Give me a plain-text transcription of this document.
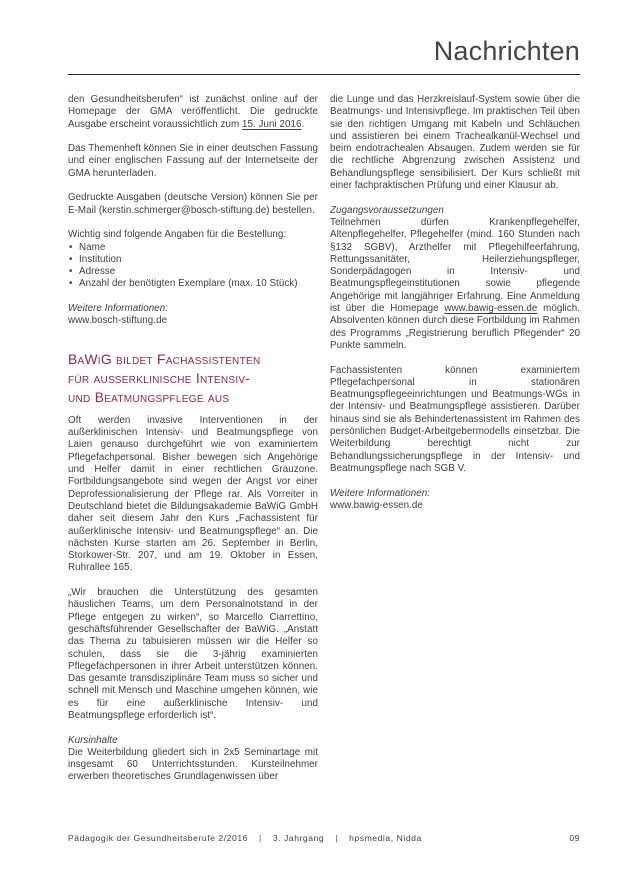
Nachrichten

den Gesundheitsberufen“ ist zunächst online auf der Homepage der GMA veröffentlicht. Die gedruckte Ausgabe erscheint voraussichtlich zum 15. Juni 2016.

Das Themenheft können Sie in einer deutschen Fassung und einer englischen Fassung auf der Internetseite der GMA herunterladen.

Gedruckte Ausgaben (deutsche Version) können Sie per E-Mail (kerstin.schmerger@bosch-stiftung.de) bestellen.

Wichtig sind folgende Angaben für die Bestellung:

• Name
• Institution
• Adresse
• Anzahl der benötigten Exemplare (max. 10 Stück)

Weitere Informationen:
www.bosch-stiftung.de

BaWiG bildet Fachassistenten
für außerklinische Intensiv-
und Beatmungspflege aus

Oft werden invasive Interventionen in der außerklinischen Intensiv- und Beatmungspflege von Laien genauso durchgeführt wie von examiniertem Pflegefachpersonal. Bisher bewegen sich Angehörige und Helfer damit in einer rechtlichen Grauzone. Fortbildungsangebote sind wegen der Angst vor einer Deprofessionalisierung der Pflege rar. Als Vorreiter in Deutschland bietet die Bildungsakademie BaWiG GmbH daher seit diesem Jahr den Kurs „Fachassistent für außerklinische Intensiv- und Beatmungspflege“ an. Die nächsten Kurse starten am 26. September in Berlin, Storkower-Str. 207, und am 19. Oktober in Essen, Ruhrallee 165.

„Wir brauchen die Unterstützung des gesamten häuslichen Teams, um dem Personalnotstand in der Pflege entgegen zu wirken“, so Marcello Ciarrettino, geschäftsführender Gesellschafter der BaWiG. „Anstatt das Thema zu tabuisieren müssen wir die Helfer so schulen, dass sie die 3-jährig examinierten Pflegefachpersonen in ihrer Arbeit unterstützen können. Das gesamte transdisziplinäre Team muss so sicher und schnell mit Mensch und Maschine umgehen können, wie es für eine außerklinische Intensiv- und Beatmungspflege erforderlich ist“.

Kursinhalte

Die Weiterbildung gliedert sich in 2x5 Seminartage mit insgesamt 60 Unterrichtsstunden. Kursteilnehmer erwerben theoretisches Grundlagenwissen über

die Lunge und das Herzkreislauf-System sowie über die Beatmungs- und Intensivpflege. Im praktischen Teil üben sie den richtigen Umgang mit Kabeln und Schläuchen und assistieren bei einem Trachealkanül-Wechsel und beim endotrachealen Absaugen. Zudem werden sie für die rechtliche Abgrenzung zwischen Assistenz und Behandlungspflege sensibilisiert. Der Kurs schließt mit einer fachpraktischen Prüfung und einer Klausur ab.

Zugangsvoraussetzungen

Teilnehmen dürfen Krankenpflegehelfer, Altenpflegehelfer, Pflegehelfer (mind. 160 Stunden nach §132 SGBV), Arzthelfer mit Pflegehilfeerfahrung, Rettungssanitäter, Heilerziehungspfleger, Sonderpädagogen in Intensiv- und Beatmungspflegeinstitutionen sowie pflegende Angehörige mit langjähriger Erfahrung. Eine Anmeldung ist über die Homepage www.bawig-essen.de möglich. Absolventen können durch diese Fortbildung im Rahmen des Programms „Registrierung beruflich Pflegender“ 20 Punkte sammeln.

Fachassistenten können examiniertem Pflegefachpersonal in stationären Beatmungspflegeeinrichtungen und Beatmungs-WGs in der Intensiv- und Beatmungspflege assistieren. Darüber hinaus sind sie als Behindertenassistent im Rahmen des persönlichen Budget-Arbeitgebermodells einsetzbar. Die Weiterbildung berechtigt nicht zur Behandlungssicherungspflege in der Intensiv- und Beatmungspflege nach SGB V.

Weitere Informationen:
www.bawig-essen.de

Pädagogik der Gesundheitsberufe 2/2016 | 3. Jahrgang | hpsmedia, Nidda	09
